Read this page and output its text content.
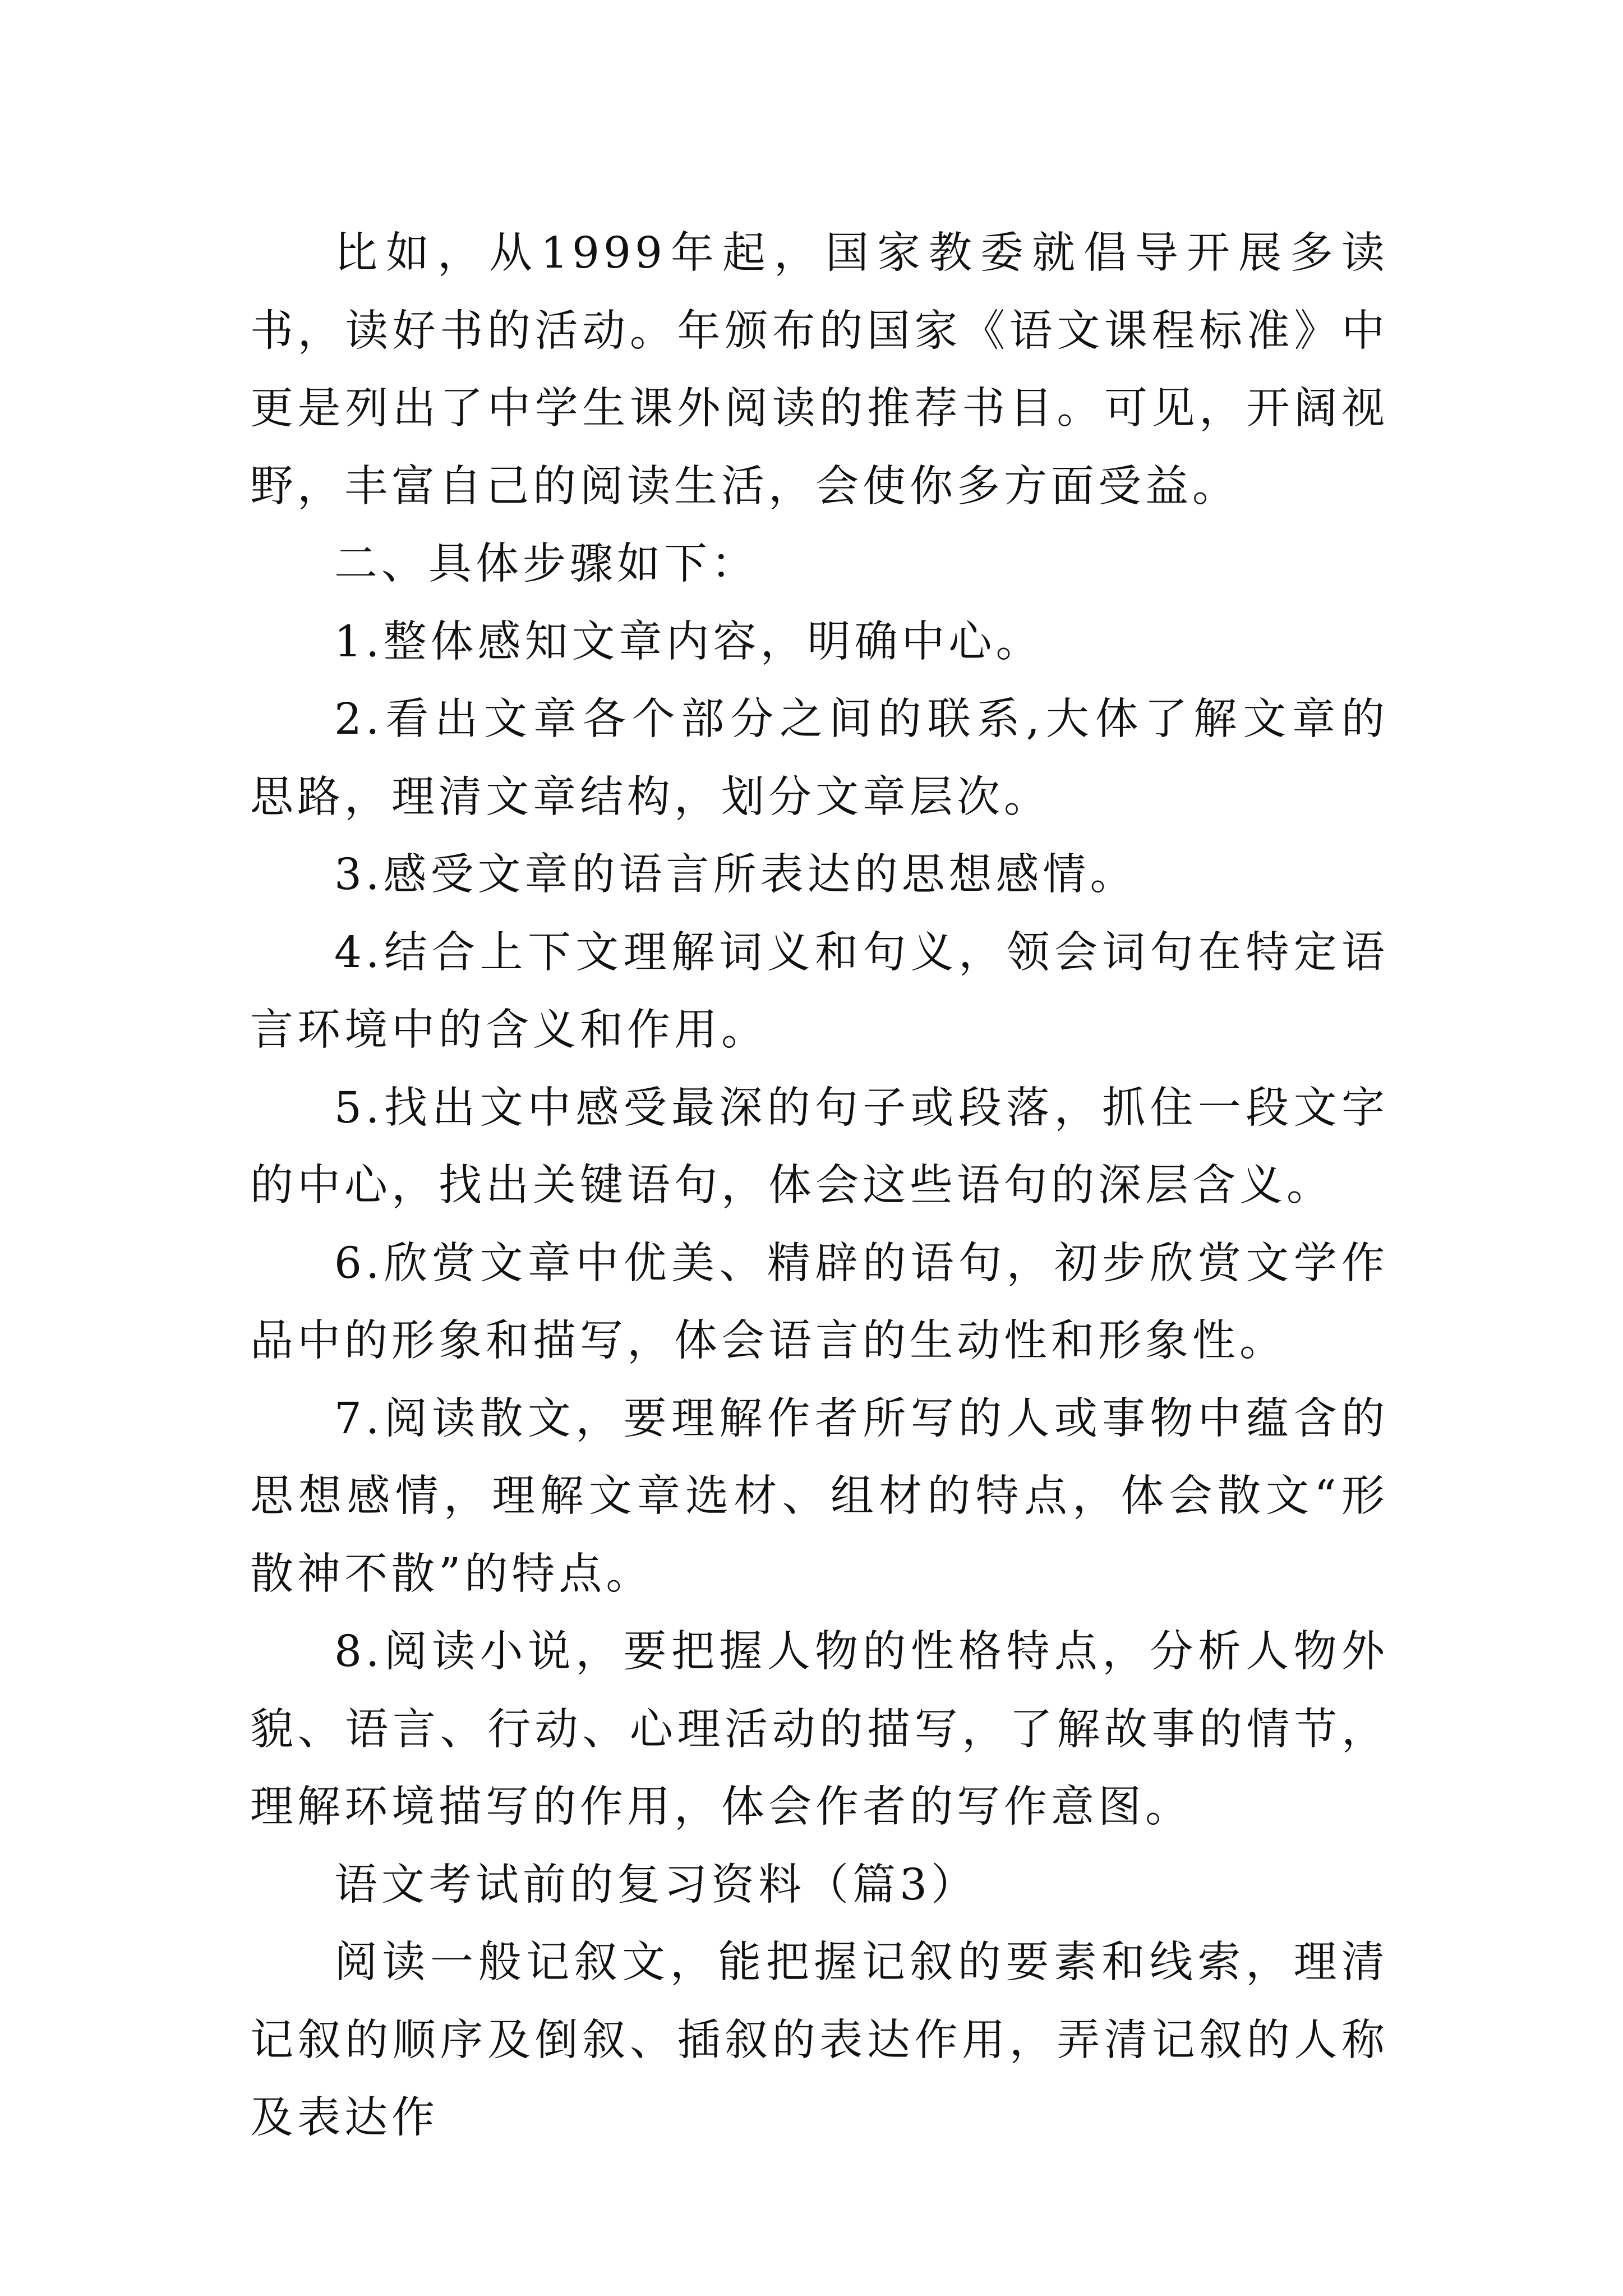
比如，从1999年起，国家教委就倡导开展多读书，读好书的活动。年颁布的国家《语文课程标准》中更是列出了中学生课外阅读的推荐书目。可见，开阔视野，丰富自己的阅读生活，会使你多方面受益。

二、具体步骤如下：

1.整体感知文章内容，明确中心。

2.看出文章各个部分之间的联系,大体了解文章的思路，理清文章结构，划分文章层次。

3.感受文章的语言所表达的思想感情。

4.结合上下文理解词义和句义，领会词句在特定语言环境中的含义和作用。

5.找出文中感受最深的句子或段落，抓住一段文字的中心，找出关键语句，体会这些语句的深层含义。

6.欣赏文章中优美、精辟的语句，初步欣赏文学作品中的形象和描写，体会语言的生动性和形象性。

7.阅读散文，要理解作者所写的人或事物中蕴含的思想感情，理解文章选材、组材的特点，体会散文“形散神不散”的特点。

8.阅读小说，要把握人物的性格特点，分析人物外貌、语言、行动、心理活动的描写，了解故事的情节，理解环境描写的作用，体会作者的写作意图。

语文考试前的复习资料（篇3）

阅读一般记叙文，能把握记叙的要素和线索，理清记叙的顺序及倒叙、插叙的表达作用，弄清记叙的人称及表达作
